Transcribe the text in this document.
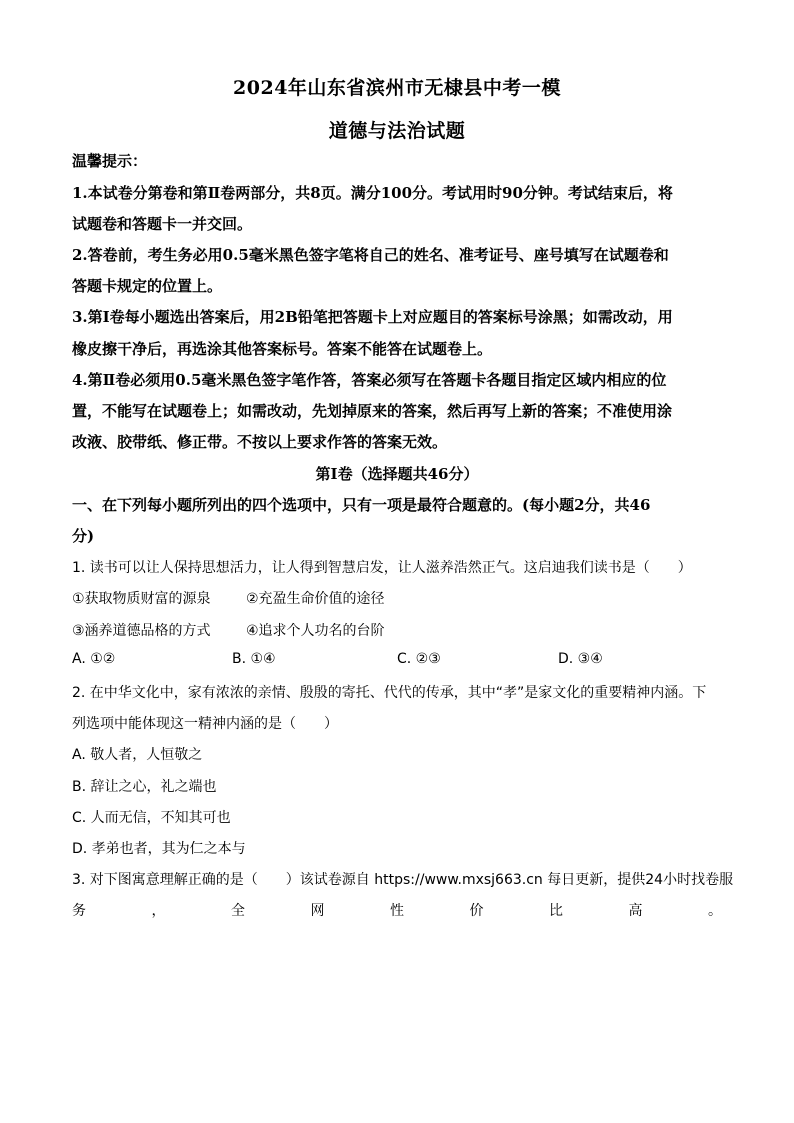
2024年山东省滨州市无棣县中考一模
道德与法治试题
温馨提示：
1.本试卷分第卷和第Ⅱ卷两部分，共8页。满分100分。考试用时90分钟。考试结束后，将
试题卷和答题卡一并交回。
2.答卷前，考生务必用0.5毫米黑色签字笔将自己的姓名、准考证号、座号填写在试题卷和
答题卡规定的位置上。
3.第Ⅰ卷每小题选出答案后，用2B铅笔把答题卡上对应题目的答案标号涂黑；如需改动，用
橡皮擦干净后，再选涂其他答案标号。答案不能答在试题卷上。
4.第Ⅱ卷必须用0.5毫米黑色签字笔作答，答案必须写在答题卡各题目指定区域内相应的位
置，不能写在试题卷上；如需改动，先划掉原来的答案，然后再写上新的答案；不准使用涂
改液、胶带纸、修正带。不按以上要求作答的答案无效。
第Ⅰ卷（选择题共46分）
一、在下列每小题所列出的四个选项中，只有一项是最符合题意的。(每小题2分，共46
分)
1. 读书可以让人保持思想活力，让人得到智慧启发，让人滋养浩然正气。这启迪我们读书是（　　）
①获取物质财富的源泉	②充盈生命价值的途径
③涵养道德品格的方式	④追求个人功名的台阶
A. ①②	B. ①④	C. ②③	D. ③④
2. 在中华文化中，家有浓浓的亲情、殷殷的寄托、代代的传承，其中“孝”是家文化的重要精神内涵。下
列选项中能体现这一精神内涵的是（　　）
A. 敬人者，人恒敬之
B. 辞让之心，礼之端也
C. 人而无信，不知其可也
D. 孝弟也者，其为仁之本与
3. 对下图寓意理解正确的是（　　）该试卷源自 https://www.mxsj663.cn 每日更新，提供24小时找卷服
务	，	全	网	性	价	比	高	。
